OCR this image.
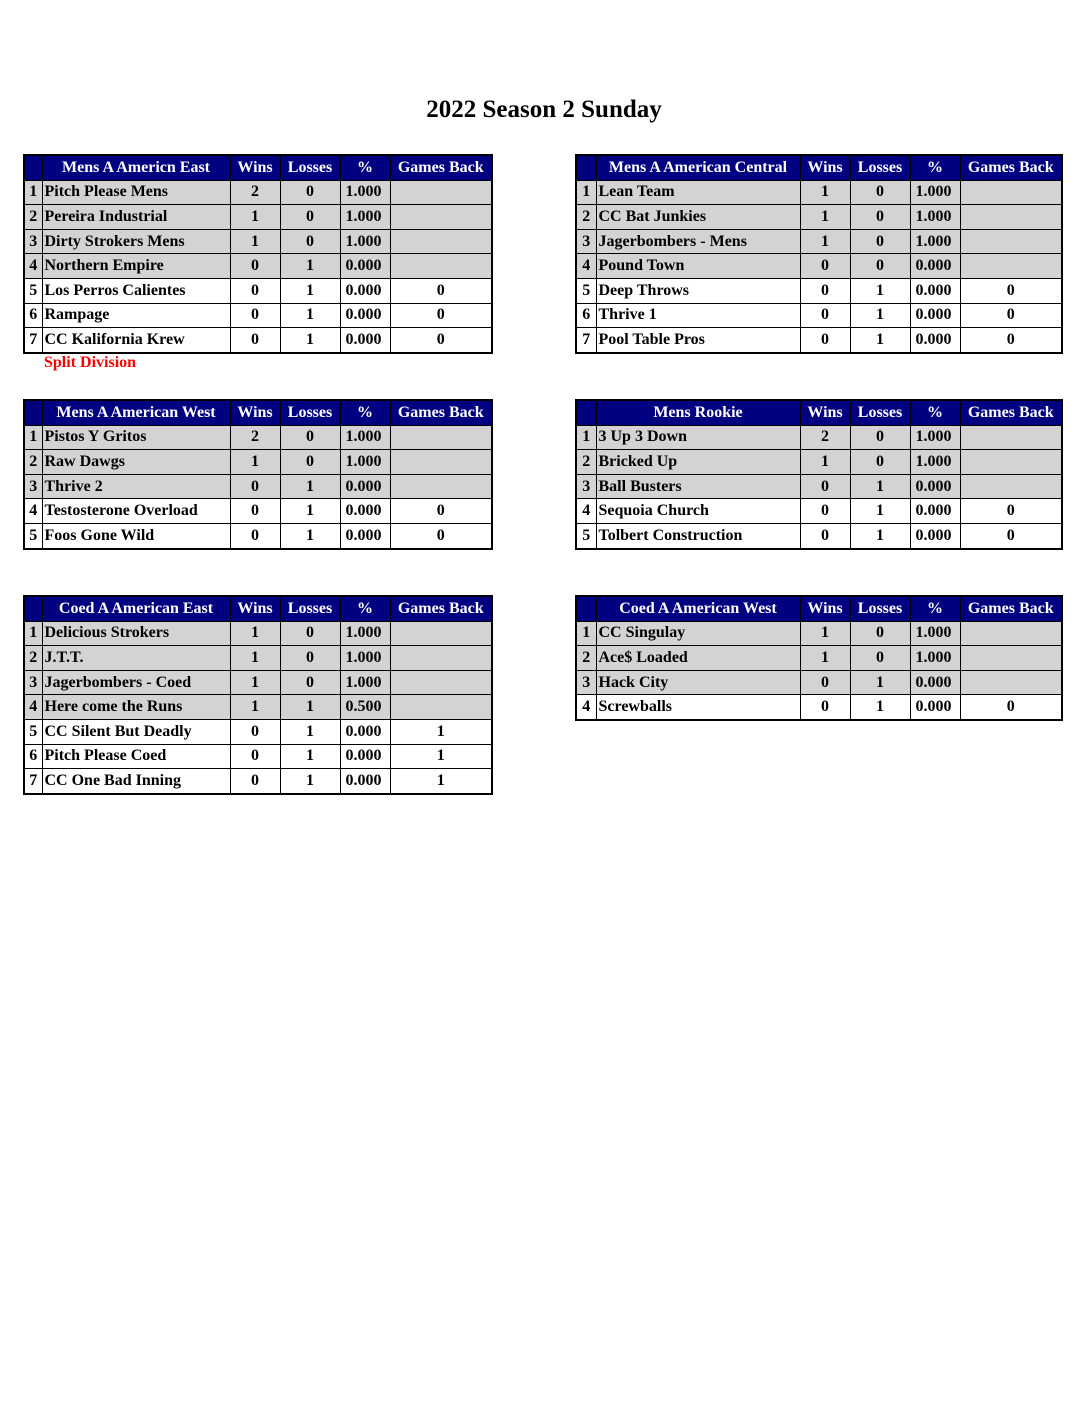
2022 Season 2 Sunday
	Mens A Americn East	Wins	Losses	%	Games Back
1	Pitch Please Mens	2	0	1.000	
2	Pereira Industrial	1	0	1.000	
3	Dirty Strokers Mens	1	0	1.000	
4	Northern Empire	0	1	0.000	
5	Los Perros Calientes	0	1	0.000	0
6	Rampage	0	1	0.000	0
7	CC Kalifornia Krew	0	1	0.000	0
Split Division
	Mens A American Central	Wins	Losses	%	Games Back
1	Lean Team	1	0	1.000	
2	CC Bat Junkies	1	0	1.000	
3	Jagerbombers - Mens	1	0	1.000	
4	Pound Town	0	0	0.000	
5	Deep Throws	0	1	0.000	0
6	Thrive 1	0	1	0.000	0
7	Pool Table Pros	0	1	0.000	0
	Mens A American West	Wins	Losses	%	Games Back
1	Pistos Y Gritos	2	0	1.000	
2	Raw Dawgs	1	0	1.000	
3	Thrive 2	0	1	0.000	
4	Testosterone Overload	0	1	0.000	0
5	Foos Gone Wild	0	1	0.000	0
	Mens Rookie	Wins	Losses	%	Games Back
1	3 Up 3 Down	2	0	1.000	
2	Bricked Up	1	0	1.000	
3	Ball Busters	0	1	0.000	
4	Sequoia Church	0	1	0.000	0
5	Tolbert Construction	0	1	0.000	0
	Coed A American East	Wins	Losses	%	Games Back
1	Delicious Strokers	1	0	1.000	
2	J.T.T.	1	0	1.000	
3	Jagerbombers - Coed	1	0	1.000	
4	Here come the Runs	1	1	0.500	
5	CC Silent But Deadly	0	1	0.000	1
6	Pitch Please Coed	0	1	0.000	1
7	CC One Bad Inning	0	1	0.000	1
	Coed A American West	Wins	Losses	%	Games Back
1	CC Singulay	1	0	1.000	
2	Ace$ Loaded	1	0	1.000	
3	Hack City	0	1	0.000	
4	Screwballs	0	1	0.000	0
